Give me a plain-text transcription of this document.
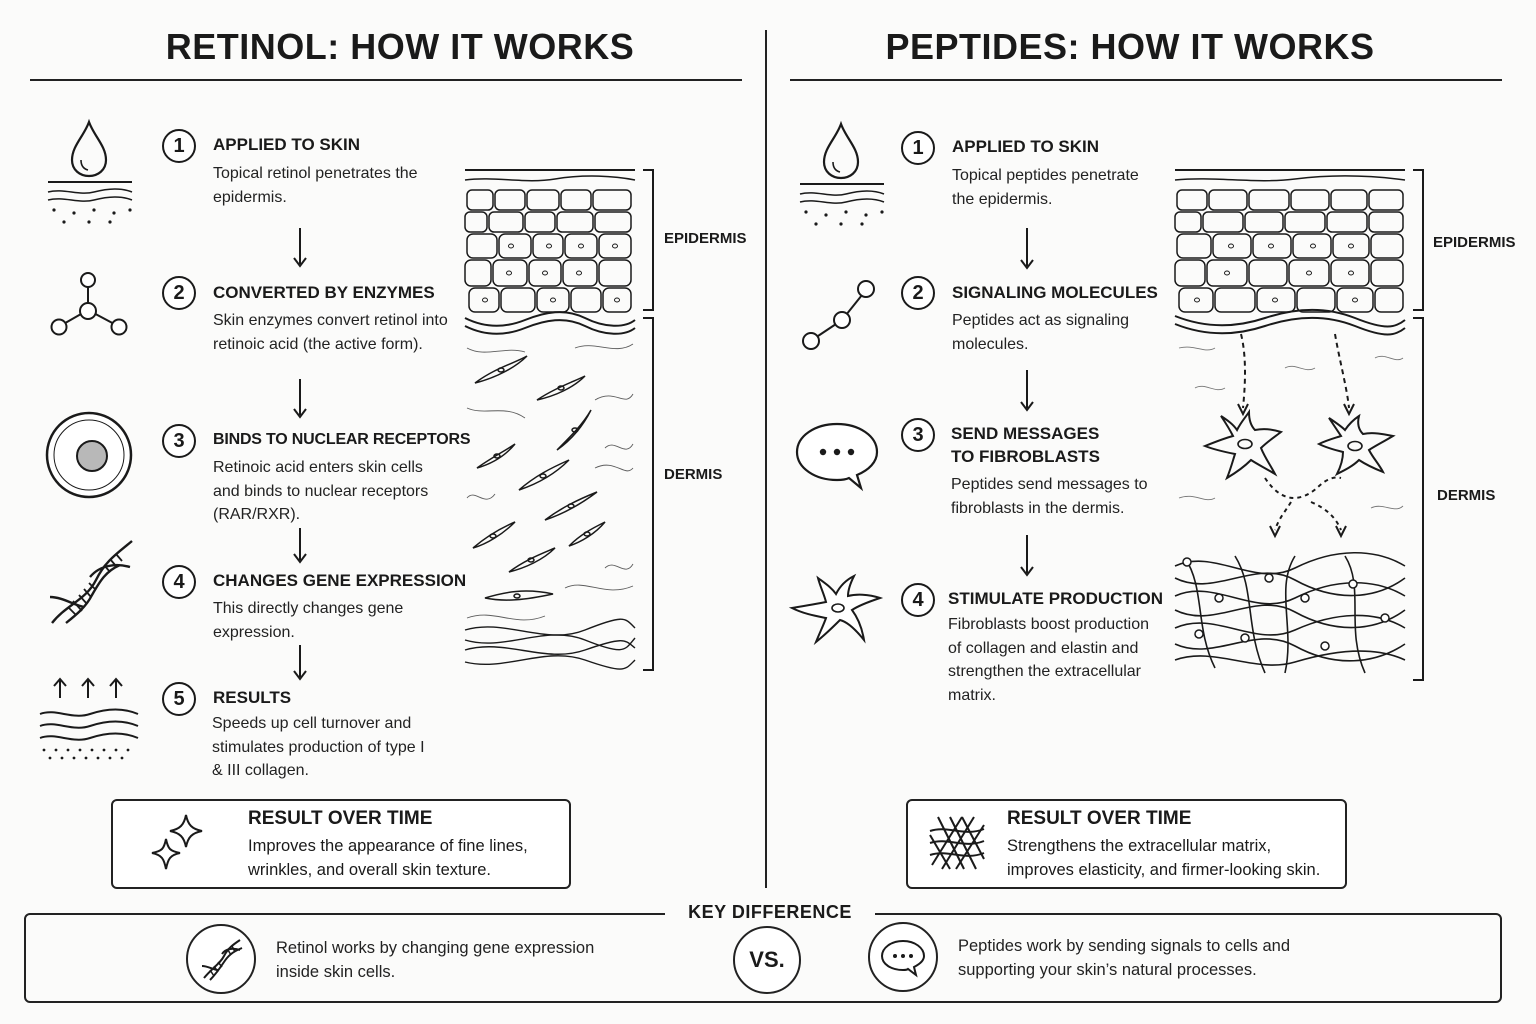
RETINOL: HOW IT WORKS	PEPTIDES: HOW IT WORKS
1	APPLIED TO SKIN
Topical retinol penetrates the epidermis.
2	CONVERTED BY ENZYMES
Skin enzymes convert retinol into retinoic acid (the active form).
3	BINDS TO NUCLEAR RECEPTORS
Retinoic acid enters skin cells and binds to nuclear receptors (RAR/RXR).
4	CHANGES GENE EXPRESSION
This directly changes gene expression.
5	RESULTS
Speeds up cell turnover and stimulates production of type I & III collagen.
EPIDERMIS
DERMIS
RESULT OVER TIME
Improves the appearance of fine lines, wrinkles, and overall skin texture.
1	APPLIED TO SKIN
Topical peptides penetrate the epidermis.
2	SIGNALING MOLECULES
Peptides act as signaling molecules.
3	SEND MESSAGES
TO FIBROBLASTS
Peptides send messages to fibroblasts in the dermis.
4	STIMULATE PRODUCTION
Fibroblasts boost production of collagen and elastin and strengthen the extracellular matrix.
EPIDERMIS
DERMIS
RESULT OVER TIME
Strengthens the extracellular matrix, improves elasticity, and firmer-looking skin.
KEY DIFFERENCE
Retinol works by changing gene expression inside skin cells.	VS.
Peptides work by sending signals to cells and supporting your skin’s natural processes.
